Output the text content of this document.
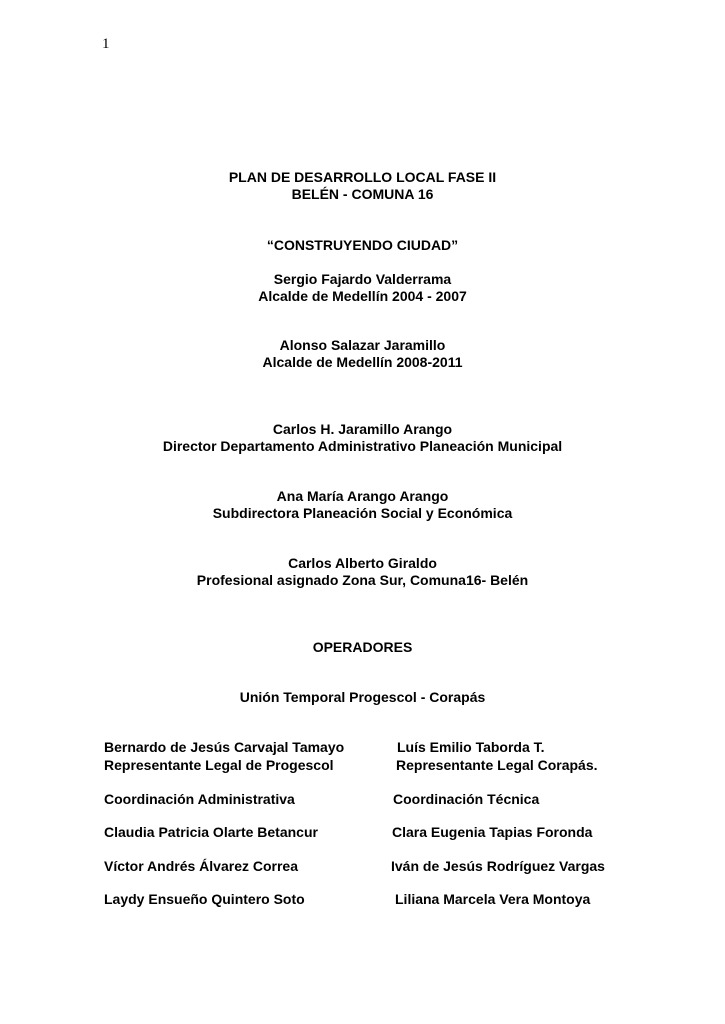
1
PLAN DE DESARROLLO LOCAL FASE II
BELÉN - COMUNA 16
“CONSTRUYENDO CIUDAD”
Sergio Fajardo Valderrama
Alcalde de Medellín 2004 - 2007
Alonso Salazar Jaramillo
Alcalde de Medellín 2008-2011
Carlos H. Jaramillo Arango
Director Departamento Administrativo Planeación Municipal
Ana María Arango Arango
Subdirectora Planeación Social y Económica
Carlos Alberto Giraldo
Profesional asignado Zona Sur, Comuna16- Belén
OPERADORES
Unión Temporal Progescol - Corapás
Bernardo de Jesús Carvajal Tamayo
Representante Legal de Progescol
Coordinación Administrativa
Claudia Patricia Olarte Betancur
Víctor Andrés Álvarez Correa
Laydy Ensueño Quintero Soto
Luís Emilio Taborda T.
Representante Legal Corapás.
Coordinación Técnica
Clara Eugenia Tapias Foronda
Iván de Jesús Rodríguez Vargas
Liliana Marcela Vera Montoya
